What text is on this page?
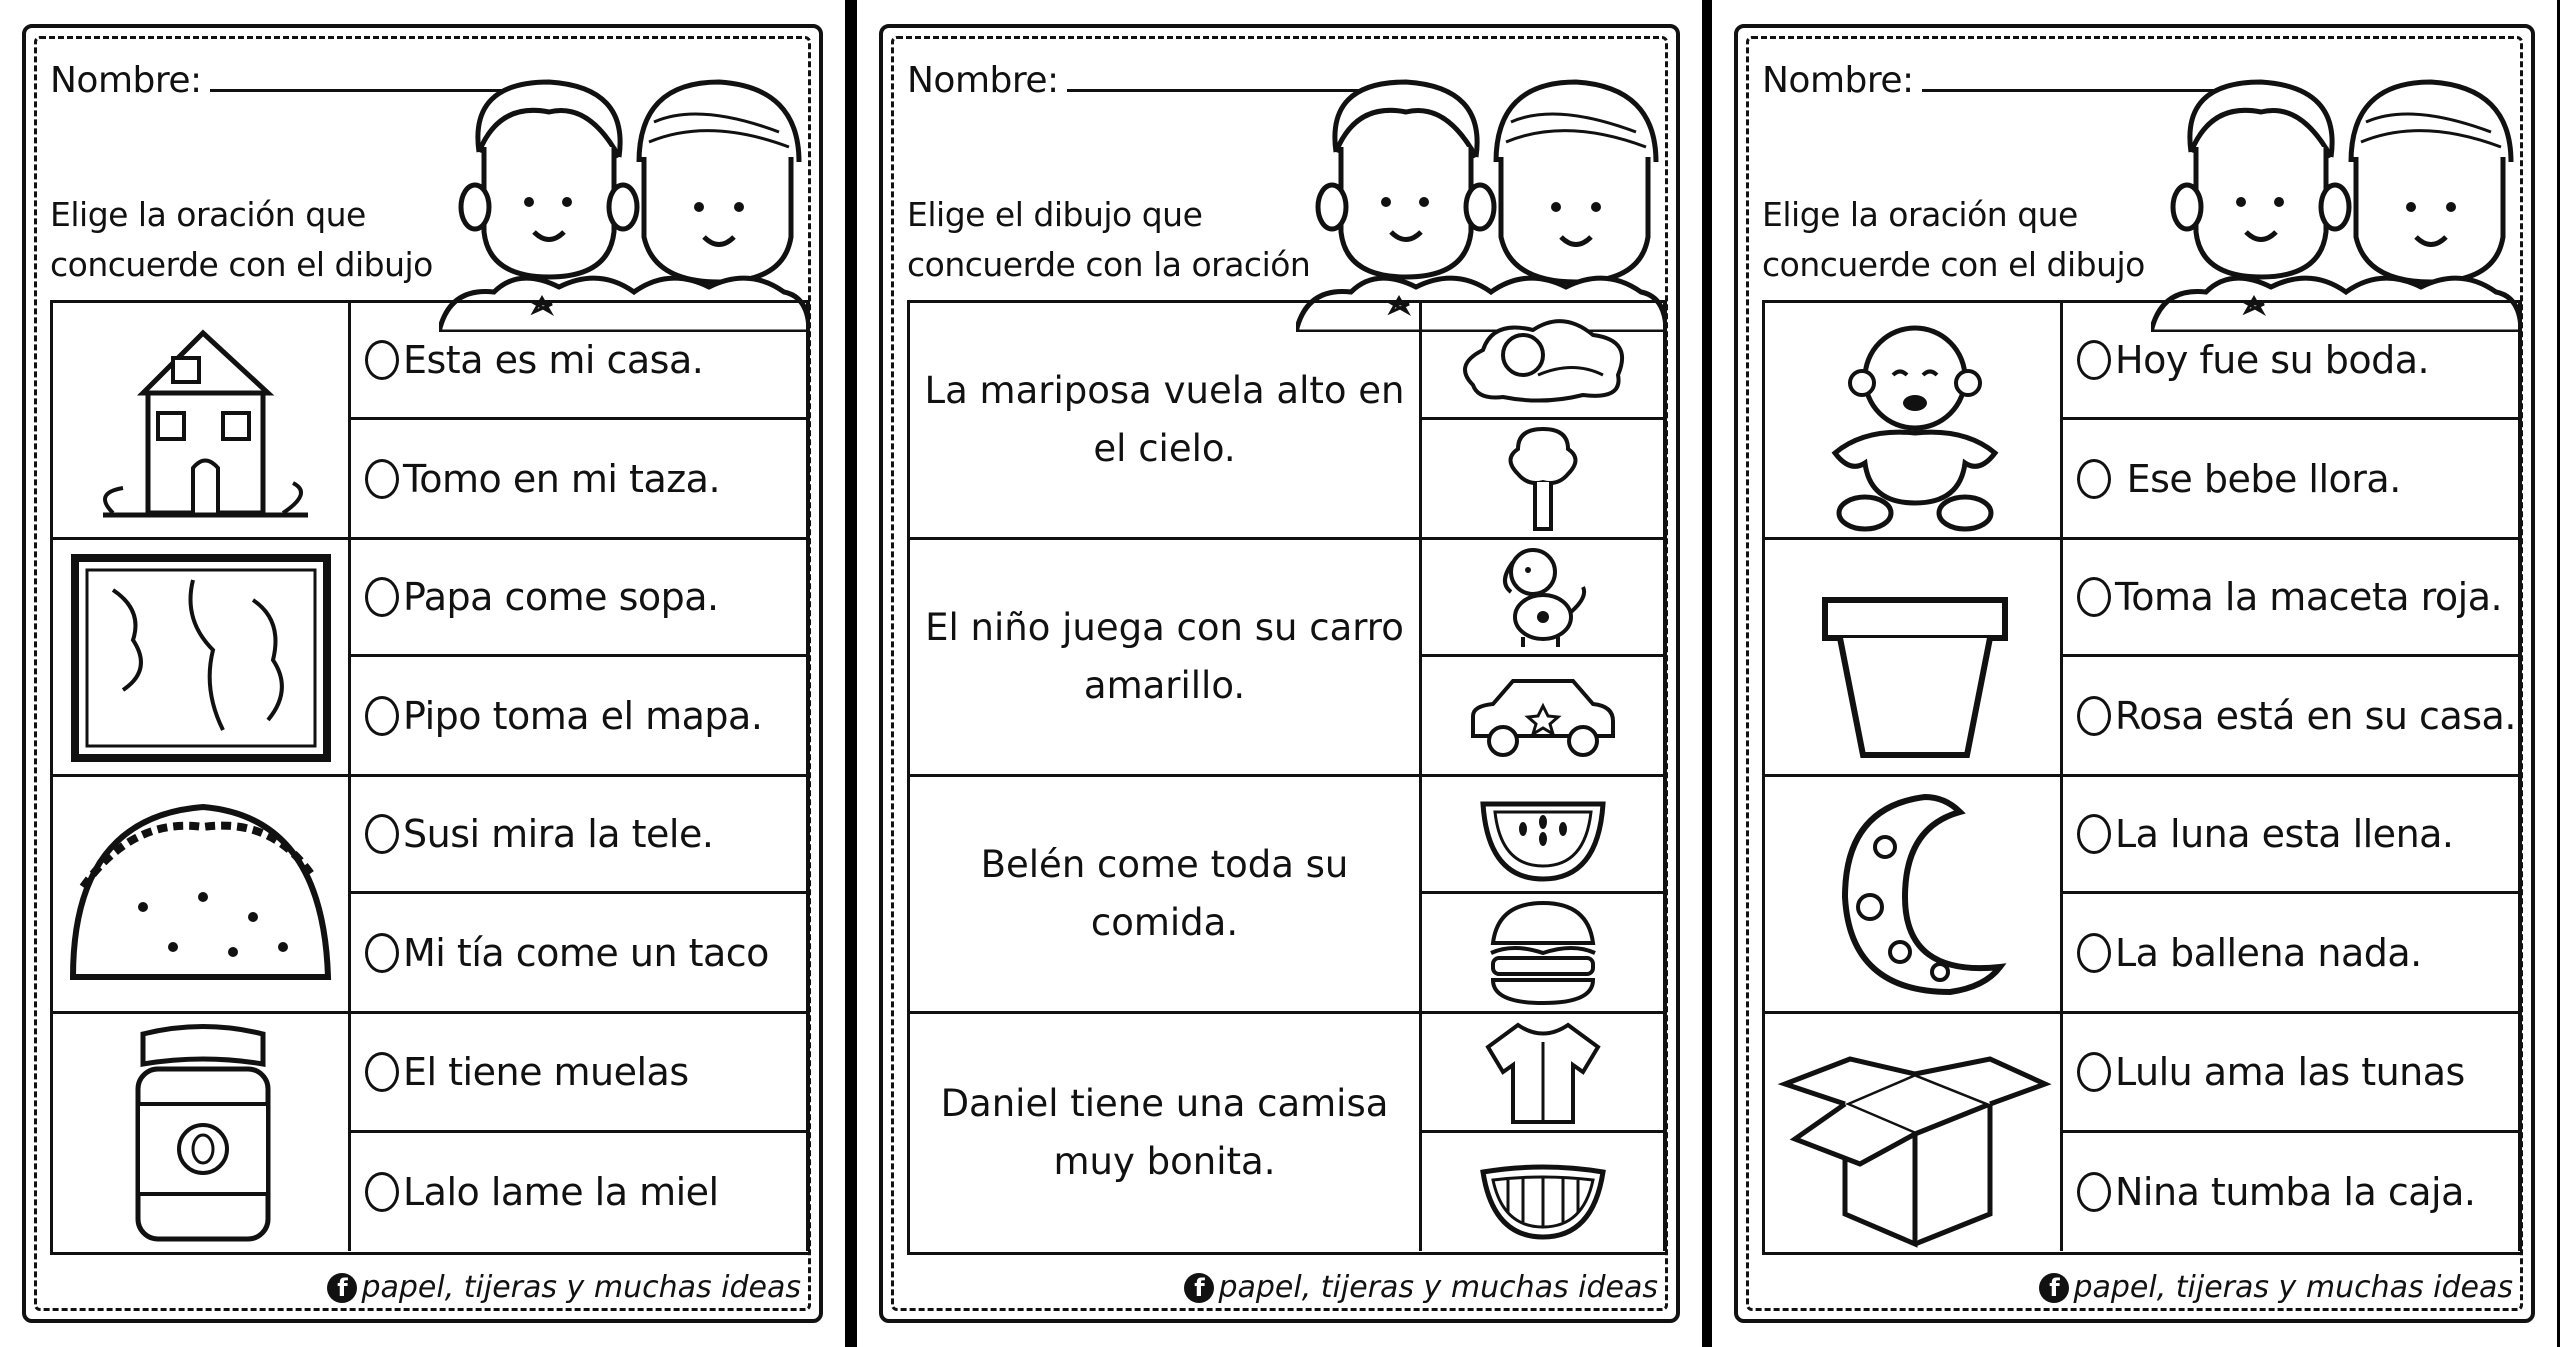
Nombre:
Elige la oración que
concuerde con el dibujo
Esta es mi casa.
Tomo en mi taza.
Papa come sopa.
Pipo toma el mapa.
Susi mira la tele.
Mi tía come un taco
El tiene muelas
Lalo lame la miel
f papel, tijeras y muchas ideas
Nombre:
Elige el dibujo que
concuerde con la oración
La mariposa vuela alto en el cielo.
El niño juega con su carro amarillo.
Belén come toda su comida.
Daniel tiene una camisa muy bonita.
f papel, tijeras y muchas ideas
Nombre:
Elige la oración que
concuerde con el dibujo
Hoy fue su boda.
Ese bebe llora.
Toma la maceta roja.
Rosa está en su casa.
La luna esta llena.
La ballena nada.
Lulu ama las tunas
Nina tumba la caja.
f papel, tijeras y muchas ideas
